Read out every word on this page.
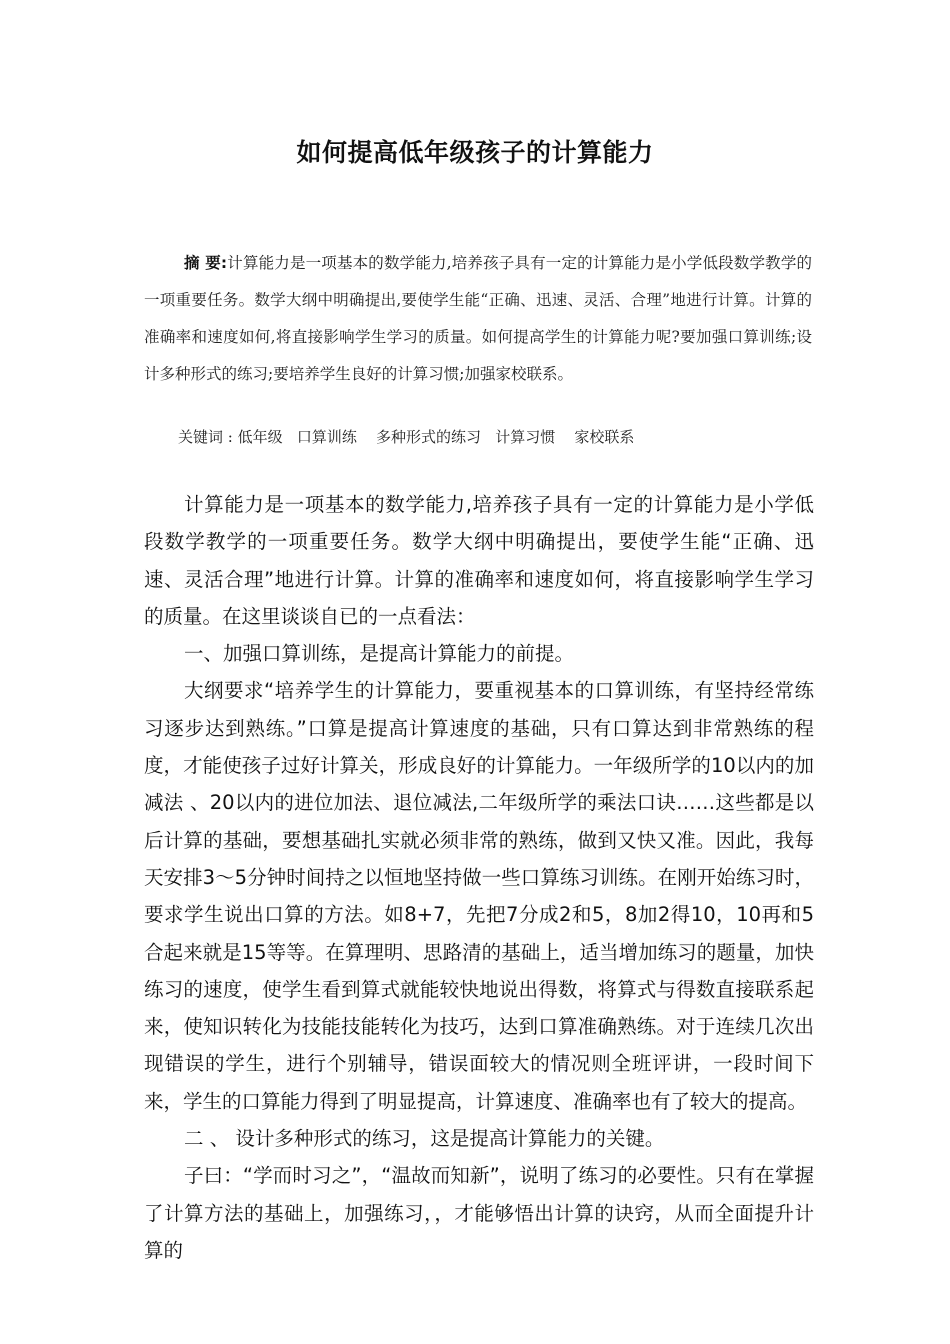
如何提高低年级孩子的计算能力
摘 要:计算能力是一项基本的数学能力,培养孩子具有一定的计算能力是小学低段数学教学的一项重要任务。数学大纲中明确提出,要使学生能“正确、迅速、灵活、合理”地进行计算。计算的准确率和速度如何,将直接影响学生学习的质量。如何提高学生的计算能力呢?要加强口算训练;设计多种形式的练习;要培养学生良好的计算习惯;加强家校联系。
关键词 : 低年级   口算训练    多种形式的练习   计算习惯    家校联系

计算能力是一项基本的数学能力,培养孩子具有一定的计算能力是小学低段数学教学的一项重要任务。数学大纲中明确提出，要使学生能“正确、迅速、灵活合理”地进行计算。计算的准确率和速度如何，将直接影响学生学习的质量。在这里谈谈自已的一点看法：

一、加强口算训练，是提高计算能力的前提。

大纲要求“培养学生的计算能力，要重视基本的口算训练，有坚持经常练习逐步达到熟练。”口算是提高计算速度的基础，只有口算达到非常熟练的程度，才能使孩子过好计算关，形成良好的计算能力。一年级所学的10以内的加减法 、20以内的进位加法、退位减法,二年级所学的乘法口诀……这些都是以后计算的基础，要想基础扎实就必须非常的熟练，做到又快又准。因此，我每天安排3～5分钟时间持之以恒地坚持做一些口算练习训练。在刚开始练习时，要求学生说出口算的方法。如8+7，先把7分成2和5，8加2得10，10再和5合起来就是15等等。在算理明、思路清的基础上，适当增加练习的题量，加快练习的速度，使学生看到算式就能较快地说出得数，将算式与得数直接联系起来，使知识转化为技能技能转化为技巧，达到口算准确熟练。对于连续几次出现错误的学生，进行个别辅导，错误面较大的情况则全班评讲，一段时间下来，学生的口算能力得到了明显提高，计算速度、准确率也有了较大的提高。

二 、 设计多种形式的练习，这是提高计算能力的关键。

子曰：“学而时习之”，“温故而知新”，说明了练习的必要性。只有在掌握了计算方法的基础上，加强练习，，才能够悟出计算的诀窍，从而全面提升计算的
